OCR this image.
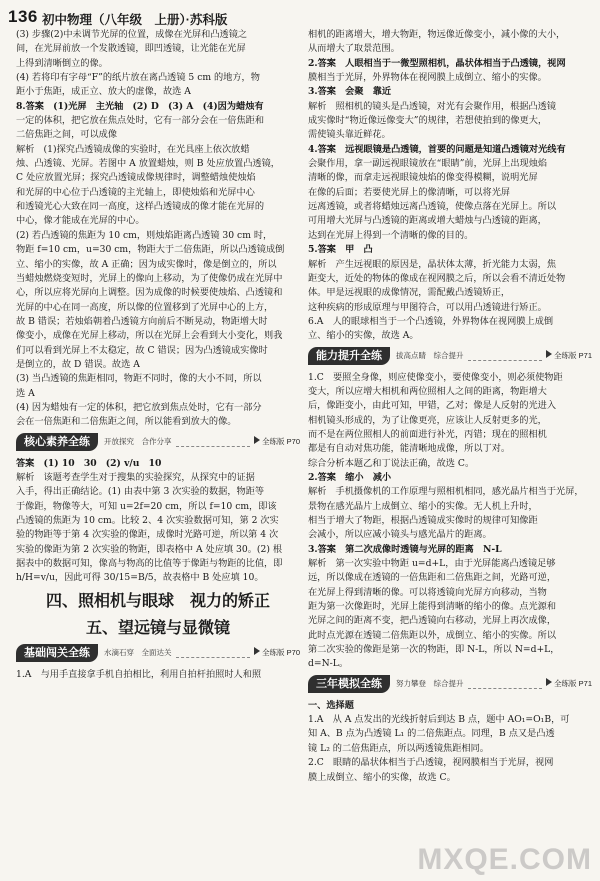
136 初中物理（八年级　上册）·苏科版

(3) 步骤(2)中未调节光屏的位置，成像在光屏和凸透镜之

间，在光屏前放一个发散透镜，即凹透镜，让光能在光屏

上得到清晰倒立的像。

(4) 若将印有字母“F”的纸片放在离凸透镜 5 cm 的地方，物

距小于焦距，成正立、放大的虚像，故选 A

8.答案　(1)光屏　主光轴　(2) D　(3) A　(4)因为蜡烛有

一定的体积，把它放在焦点处时，它有一部分会在一倍焦距和

二倍焦距之间，可以成像

解析　(1)探究凸透镜成像的实验时，在光具座上依次放蜡

烛、凸透镜、光屏。若图中 A 放置蜡烛，则 B 处应放置凸透镜，

C 处应放置光屏；探究凸透镜成像规律时，调整蜡烛使烛焰

和光屏的中心位于凸透镜的主光轴上，即使烛焰和光屏中心

和透镜光心大致在同一高度，这样凸透镜成的像才能在光屏的

中心，像才能成在光屏的中心。

(2) 若凸透镜的焦距为 10 cm，则烛焰距离凸透镜 30 cm 时，

物距 f=10 cm，u=30 cm，物距大于二倍焦距，所以凸透镜成倒

立、缩小的实像，故 A 正确；因为成实像时，像是倒立的，所以

当蜡烛燃烧变短时，光屏上的像向上移动，为了使像仍成在光屏中

心，所以应将光屏向上调整。因为成像的时候要使烛焰、凸透镜和

光屏的中心在同一高度，所以像的位置移到了光屏中心的上方，

故 B 错误；若烛焰朝着凸透镜方向前后不断晃动，物距增大时

像变小，成像在光屏上移动，所以在光屏上会看到大小变化，则我

们可以看到光屏上不太稳定，故 C 错误；因为凸透镜成实像时

是倒立的，故 D 错误。故选 A

(3) 当凸透镜的焦距相同，物距不同时，像的大小不同，所以

选 A

(4) 因为蜡烛有一定的体积，把它放到焦点处时，它有一部分

会在一倍焦距和二倍焦距之间，所以能看到放大的像。

核心素养全练	开放探究　合作分享	全练版 P70

答案　(1) 10　30　(2) v/u　10

解析　该题考查学生对于搜集的实验探究，从探究中的证据

入手，得出正确结论。(1) 由表中第 3 次实验的数据，物距等

于像距，物像等大，可知 u=2f=20 cm，所以 f=10 cm，即该

凸透镜的焦距为 10 cm。比较 2、4 次实验数据可知，第 2 次实

验的物距等于第 4 次实验的像距，成像时光路可逆，所以第 4 次

实验的像距为第 2 次实验的物距，即表格中 A 处应填 30。(2) 根

据表中的数据可知，像高与物高的比值等于像距与物距的比值，即

h/H=v/u，因此可得 30/15=B/5，故表格中 B 处应填 10。

四、照相机与眼球　视力的矫正
五、望远镜与显微镜
基础闯关全练	水滴石穿　全面达关	全练版 P70

1.A　与用手直接拿手机自拍相比，利用自拍杆拍照时人和照

相机的距离增大，增大物距，物远像近像变小，减小像的大小，

从而增大了取景范围。

2.答案　人眼相当于一微型照相机，晶状体相当于凸透镜，视网

膜相当于光屏，外界物体在视网膜上成倒立、缩小的实像。

3.答案　会聚　靠近

解析　照相机的镜头是凸透镜，对光有会聚作用，根据凸透镜

成实像时“物近像远像变大”的规律，若想使拍到的像更大，

需使镜头靠近鲜花。

4.答案　远视眼镜是凸透镜，首要的问题是知道凸透镜对光线有

会聚作用，拿一副远视眼镜放在“眼睛”前，光屏上出现烛焰

清晰的像，而拿走远视眼镜烛焰的像变得模糊，说明光屏

在像的后面；若要使光屏上的像清晰，可以将光屏

远离透镜，或者将蜡烛远离凸透镜，使像点落在光屏上。所以

可用增大光屏与凸透镜的距离或增大蜡烛与凸透镜的距离，

达到在光屏上得到一个清晰的像的目的。

5.答案　甲　凸

解析　产生远视眼的原因是，晶状体太薄，折光能力太弱，焦

距变大，近处的物体的像成在视网膜之后，所以会看不清近处物

体。甲是远视眼的成像情况，需配戴凸透镜矫正，

这种疾病的形成原理与甲图符合，可以用凸透镜进行矫正。

6.A　人的眼球相当于一个凸透镜，外界物体在视网膜上成倒

立、缩小的实像，故选 A。

能力提升全练	拔高点睛　综合提升	全练版 P71

1.C　要照全身像，则应使像变小，要使像变小，则必须使物距

变大，所以应增大相机和两位照相人之间的距离，物距增大

后，像距变小，由此可知，甲错，乙对；像是人反射的光进入

相机镜头形成的，为了让像更亮，应该让人反射更多的光，

而不是在两位照相人的前面进行补光，丙错；现在的照相机

都是有自动对焦功能，能清晰地成像，所以丁对。

综合分析本题乙和丁说法正确，故选 C。

2.答案　缩小　减小

解析　手机摄像机的工作原理与照相机相同，感光晶片相当于光屏，

景物在感光晶片上成倒立、缩小的实像。无人机上升时，

相当于增大了物距，根据凸透镜成实像时的规律可知像距

会减小，所以应减小镜头与感光晶片的距离。

3.答案　第二次成像时透镜与光屏的距离　N-L

解析　第一次实验中物距 u=d+L，由于光屏能离凸透镜足够

远，所以像成在透镜的一倍焦距和二倍焦距之间，光路可逆，

在光屏上得到清晰的像。可以将透镜向光屏方向移动，当物

距为第一次像距时，光屏上能得到清晰的缩小的像。点光源和

光屏之间的距离不变，把凸透镜向右移动，光屏上再次成像，

此时点光源在透镜二倍焦距以外，成倒立、缩小的实像。所以

第二次实验的像距是第一次的物距，即 N-L，所以 N=d+L，

d=N-L。

三年模拟全练	努力攀登　综合提升	全练版 P71

一、选择题

1.A　从 A 点发出的光线折射后到达 B 点，题中 AO₁=O₁B，可

知 A、B 点为凸透镜 L₁ 的二倍焦距点。同理，B 点又是凸透

镜 L₂ 的二倍焦距点，所以两透镜焦距相同。

2.C　眼睛的晶状体相当于凸透镜，视网膜相当于光屏，视网

膜上成倒立、缩小的实像，故选 C。

MXQE.COM
